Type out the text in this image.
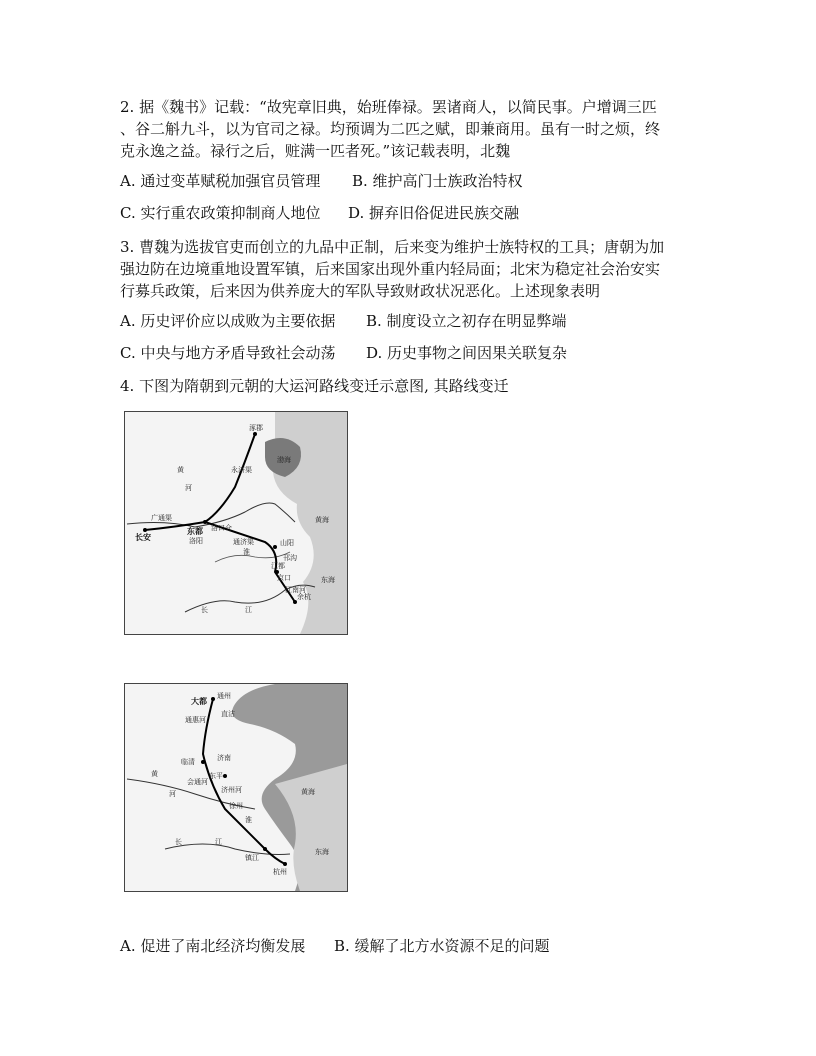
2. 据《魏书》记载：“故宪章旧典，始班俸禄。罢诸商人，以简民事。户增调三匹
、谷二斛九斗，以为官司之禄。均预调为二匹之赋，即兼商用。虽有一时之烦，终
克永逸之益。禄行之后，赃满一匹者死。”该记载表明，北魏
A. 通过变革赋税加强官员管理 B. 维护高门士族政治特权
C. 实行重农政策抑制商人地位 D. 摒弃旧俗促进民族交融
3. 曹魏为选拔官吏而创立的九品中正制，后来变为维护士族特权的工具；唐朝为加
强边防在边境重地设置军镇，后来国家出现外重内轻局面；北宋为稳定社会治安实
行募兵政策，后来因为供养庞大的军队导致财政状况恶化。上述现象表明
A. 历史评价应以成败为主要依据 B. 制度设立之初存在明显弊端
C. 中央与地方矛盾导致社会动荡 D. 历史事物之间因果关联复杂
4. 下图为隋朝到元朝的大运河路线变迁示意图, 其路线变迁
涿郡
渤海
长安
东都
洛阳
洛口仓
山阳
江都
京口
余杭
黄海
东海
永济渠
通济渠
邗沟
江南河
广通渠
黄
河
长	江
淮
大都
通州
直沽
临清	济南
东平
徐州
镇江
杭州
黄海
东海
会通河
济州河
通惠河
黄
河
长	江
淮
A. 促进了南北经济均衡发展 B. 缓解了北方水资源不足的问题
